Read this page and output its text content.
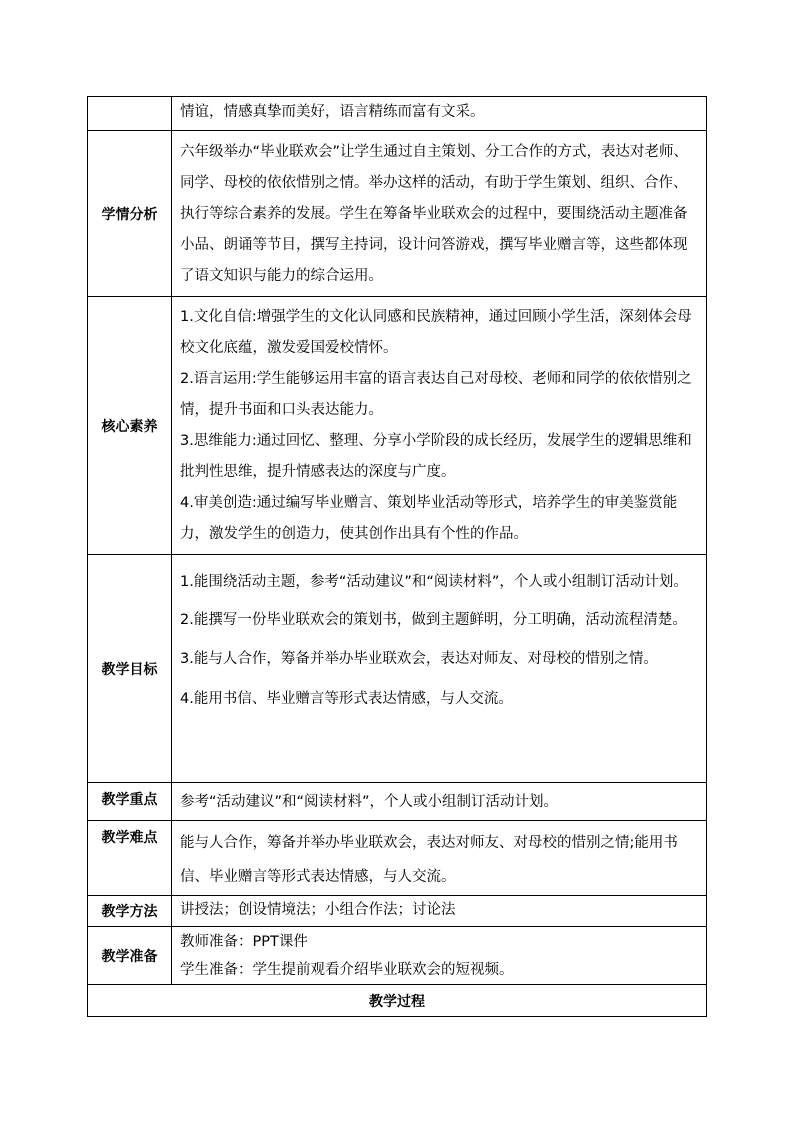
	情谊，情感真挚而美好，语言精练而富有文采。

学情分析	六年级举办“毕业联欢会”让学生通过自主策划、分工合作的方式，表达对老师、同学、母校的依依惜别之情。举办这样的活动，有助于学生策划、组织、合作、执行等综合素养的发展。学生在筹备毕业联欢会的过程中，要围绕活动主题准备小品、朗诵等节目，撰写主持词，设计问答游戏，撰写毕业赠言等，这些都体现了语文知识与能力的综合运用。

核心素养	1.文化自信:增强学生的文化认同感和民族精神，通过回顾小学生活，深刻体会母校文化底蕴，激发爱国爱校情怀。

2.语言运用:学生能够运用丰富的语言表达自己对母校、老师和同学的依依惜别之情，提升书面和口头表达能力。

3.思维能力:通过回忆、整理、分享小学阶段的成长经历，发展学生的逻辑思维和批判性思维，提升情感表达的深度与广度。

4.审美创造:通过编写毕业赠言、策划毕业活动等形式，培养学生的审美鉴赏能力，激发学生的创造力，使其创作出具有个性的作品。

教学目标	1.能围绕活动主题，参考“活动建议”和“阅读材料”，个人或小组制订活动计划。

2.能撰写一份毕业联欢会的策划书，做到主题鲜明，分工明确，活动流程清楚。

3.能与人合作，筹备并举办毕业联欢会，表达对师友、对母校的惜别之情。

4.能用书信、毕业赠言等形式表达情感，与人交流。

教学重点	参考“活动建议”和“阅读材料”，个人或小组制订活动计划。

教学难点	能与人合作，筹备并举办毕业联欢会，表达对师友、对母校的惜别之情;能用书信、毕业赠言等形式表达情感，与人交流。

教学方法	讲授法；创设情境法；小组合作法；讨论法

教学准备	教师准备：PPT课件

学生准备：学生提前观看介绍毕业联欢会的短视频。

教学过程	
